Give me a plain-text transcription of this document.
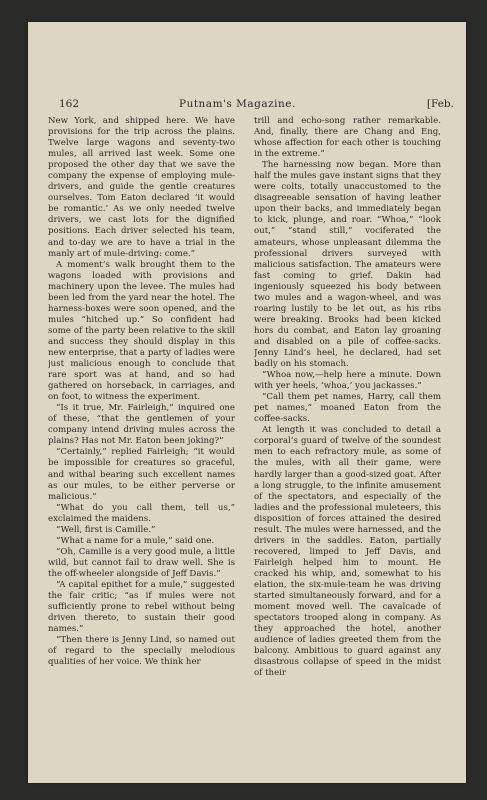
162	Putnam's Magazine.	[Feb.

New York, and shipped here. We have provisions for the trip across the plains. Twelve large wagons and seventy-two mules, all arrived last week. Some one proposed the other day that we save the company the expense of employing mule-drivers, and guide the gentle creatures ourselves. Tom Eaton declared ‘it would be romantic.’ As we only needed twelve drivers, we cast lots for the dignified positions. Each driver selected his team, and to-day we are to have a trial in the manly art of mule-driving: come.”

A moment’s walk brought them to the wagons loaded with provisions and machinery upon the levee. The mules had been led from the yard near the hotel. The harness-boxes were soon opened, and the mules “hitched up.” So confident had some of the party been relative to the skill and success they should display in this new enterprise, that a party of ladies were just malicious enough to conclude that rare sport was at hand, and so had gathered on horseback, in carriages, and on foot, to witness the experiment.

“Is it true, Mr. Fairleigh,” inquired one of these, “that the gentlemen of your company intend driving mules across the plains? Has not Mr. Eaton been joking?”

“Certainly,” replied Fairleigh; “it would be impossible for creatures so graceful, and withal bearing such excellent names as our mules, to be either perverse or malicious.”

“What do you call them, tell us,” exclaimed the maidens.

“Well, first is Camille.”

“What a name for a mule,” said one.

“Oh, Camille is a very good mule, a little wild, but cannot fail to draw well. She is the off-wheeler alongside of Jeff Davis.”

“A capital epithet for a mule,” suggested the fair critic; “as if mules were not sufficiently prone to rebel without being driven thereto, to sustain their good names.”

“Then there is Jenny Lind, so named out of regard to the specially melodious qualities of her voice. We think her

trill and echo-song rather remarkable. And, finally, there are Chang and Eng, whose affection for each other is touching in the extreme.”

The harnessing now began. More than half the mules gave instant signs that they were colts, totally unaccustomed to the disagreeable sensation of having leather upon their backs, and immediately began to kick, plunge, and roar. “Whoa,” “look out,” “stand still,” vociferated the amateurs, whose unpleasant dilemma the professional drivers surveyed with malicious satisfaction. The amateurs were fast coming to grief. Dakin had ingeniously squeezed his body between two mules and a wagon-wheel, and was roaring lustily to be let out, as his ribs were breaking. Brooks had been kicked hors du combat, and Eaton lay groaning and disabled on a pile of coffee-sacks. Jenny Lind’s heel, he declared, had set badly on his stomach.

“Whoa now,—help here a minute. Down with yer heels, ‘whoa,’ you jackasses.”

“Call them pet names, Harry, call them pet names,” moaned Eaton from the coffee-sacks.

At length it was concluded to detail a corporal’s guard of twelve of the soundest men to each refractory mule, as some of the mules, with all their game, were hardly larger than a good-sized goat. After a long struggle, to the infinite amusement of the spectators, and especially of the ladies and the professional muleteers, this disposition of forces attained the desired result. The mules were harnessed, and the drivers in the saddles. Eaton, partially recovered, limped to Jeff Davis, and Fairleigh helped him to mount. He cracked his whip, and, somewhat to his elation, the six-mule-team he was driving started simultaneously forward, and for a moment moved well. The cavalcade of spectators trooped along in company. As they approached the hotel, another audience of ladies greeted them from the balcony. Ambitious to guard against any disastrous collapse of speed in the midst of their
